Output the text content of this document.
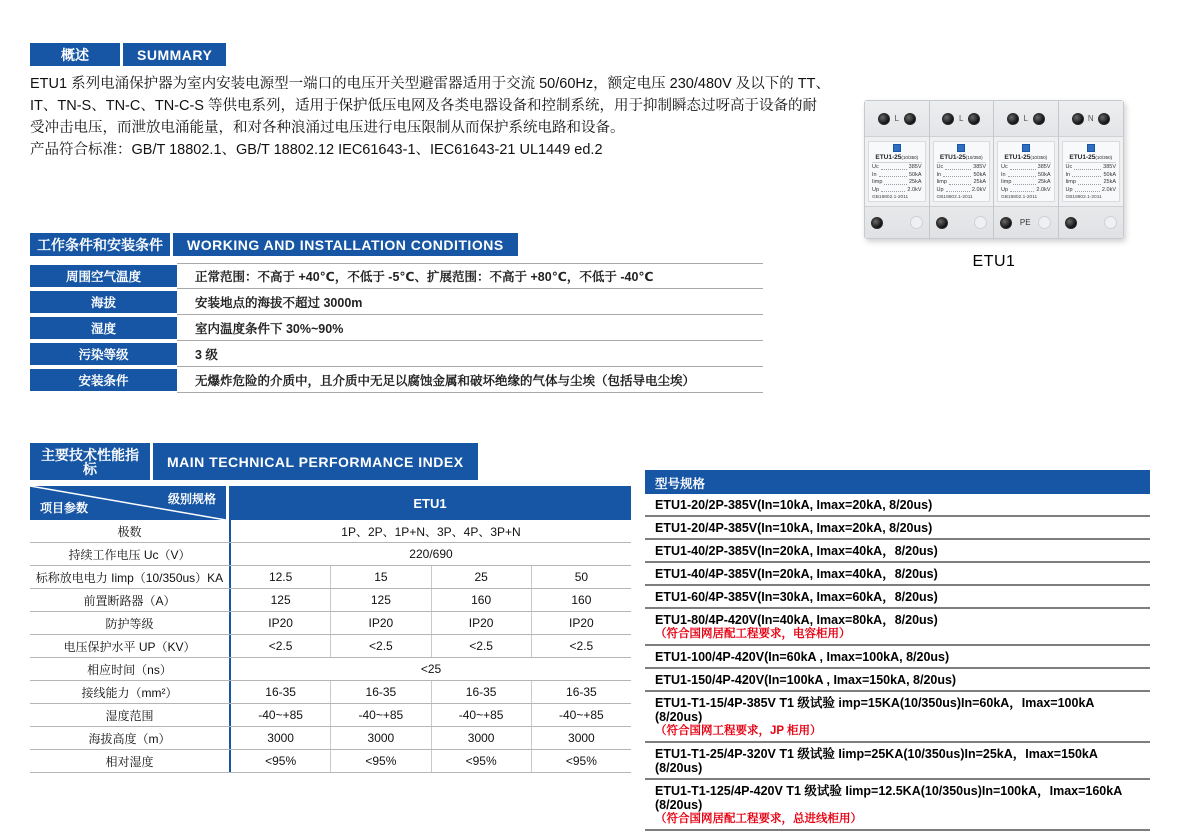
概述	SUMMARY
ETU1 系列电涌保护器为室内安装电源型一端口的电压开关型避雷器适用于交流 50/60Hz，额定电压 230/480V 及以下的 TT、
IT、TN-S、TN-C、TN-C-S 等供电系列，适用于保护低压电网及各类电器设备和控制系统，用于抑制瞬态过呀高于设备的耐
受冲击电压，而泄放电涌能量，和对各种浪涌过电压进行电压限制从而保护系统电路和设备。
产品符合标准：GB/T 18802.1、GB/T 18802.12 IEC61643-1、IEC61643-21 UL1449 ed.2
L
ETU1-25(10/350)
Uc	385V
In	50kA
Iimp	25kA
Up	2.0kV
GB18802.1-2011
L
ETU1-25(10/350)
Uc	385V
In	50kA
Iimp	25kA
Up	2.0kV
GB18802.1-2011
L
ETU1-25(10/350)
Uc	385V
In	50kA
Iimp	25kA
Up	2.0kV
GB18802.1-2011
PE
N
ETU1-25(10/350)
Uc	385V
In	50kA
Iimp	25kA
Up	2.0kV
GB18802.1-2011
ETU1
工作条件和安装条件	WORKING AND INSTALLATION CONDITIONS
周围空气温度	正常范围：不高于 +40℃，不低于 -5℃、扩展范围：不高于 +80℃，不低于 -40℃
海拔	安装地点的海拔不超过 3000m
湿度	室内温度条件下 30%~90%
污染等级	3 级
安装条件	无爆炸危险的介质中，且介质中无足以腐蚀金属和破坏绝缘的气体与尘埃（包括导电尘埃）
主要技术性能指标	MAIN TECHNICAL PERFORMANCE INDEX
级别规格
项目参数	ETU1
极数	1P、2P、1P+N、3P、4P、3P+N
持续工作电压 Uc（V）	220/690
标称放电电力 Iimp（10/350us）KA	12.5	15	25	50
前置断路器（A）	125	125	160	160
防护等级	IP20	IP20	IP20	IP20
电压保护水平 UP（KV）	<2.5	<2.5	<2.5	<2.5
相应时间（ns）	<25
接线能力（mm²）	16-35	16-35	16-35	16-35
湿度范围	-40~+85	-40~+85	-40~+85	-40~+85
海拔高度（m）	3000	3000	3000	3000
相对湿度	<95%	<95%	<95%	<95%
型号规格
ETU1-20/2P-385V(In=10kA, Imax=20kA, 8/20us)
ETU1-20/4P-385V(In=10kA, Imax=20kA, 8/20us)
ETU1-40/2P-385V(In=20kA, Imax=40kA，8/20us)
ETU1-40/4P-385V(In=20kA, Imax=40kA，8/20us)
ETU1-60/4P-385V(In=30kA, Imax=60kA，8/20us)
ETU1-80/4P-420V(In=40kA, Imax=80kA，8/20us)
（符合国网居配工程要求，电容柜用）
ETU1-100/4P-420V(In=60kA , Imax=100kA, 8/20us)
ETU1-150/4P-420V(In=100kA , Imax=150kA, 8/20us)
ETU1-T1-15/4P-385V T1 级试验 imp=15KA(10/350us)In=60kA，Imax=100kA (8/20us)
（符合国网工程要求，JP 柜用）
ETU1-T1-25/4P-320V T1 级试验 Iimp=25KA(10/350us)In=25kA，Imax=150kA (8/20us)
ETU1-T1-125/4P-420V T1 级试验 Iimp=12.5KA(10/350us)In=100kA，Imax=160kA (8/20us)
（符合国网居配工程要求，总进线柜用）
